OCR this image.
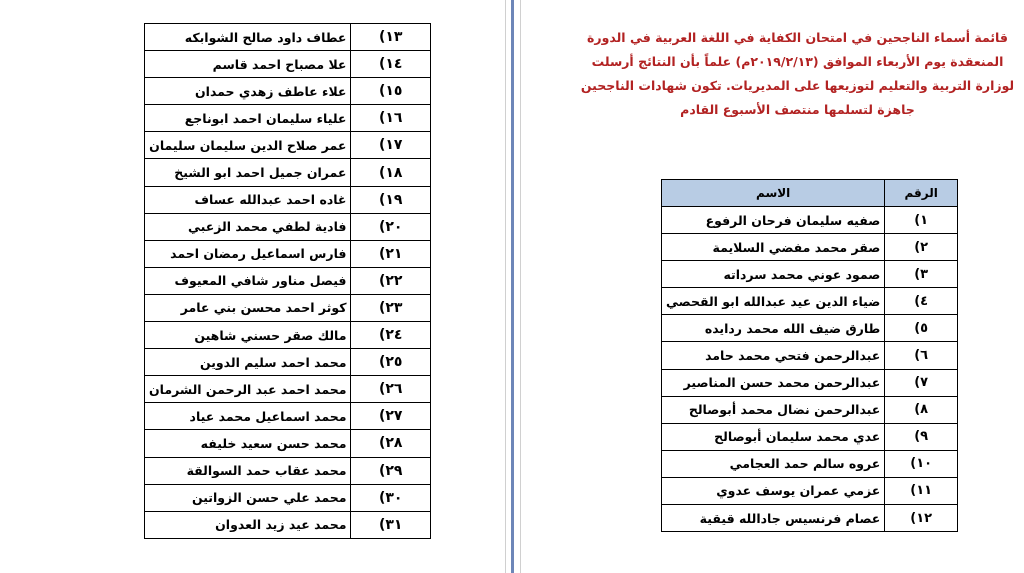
١٣)	عطاف داود صالح الشوابكه
١٤)	علا مصباح احمد قاسم
١٥)	علاء عاطف زهدي حمدان
١٦)	علياء سليمان احمد ابوناجع
١٧)	عمر صلاح الدين سليمان سليمان
١٨)	عمران جميل احمد ابو الشيخ
١٩)	غاده احمد عبدالله عساف
٢٠)	فادية لطفي محمد الزعبي
٢١)	فارس اسماعيل رمضان احمد
٢٢)	فيصل مناور شافي المعيوف
٢٣)	كوثر احمد محسن بني عامر
٢٤)	مالك صقر حسني شاهين
٢٥)	محمد احمد سليم الدوين
٢٦)	محمد احمد عبد الرحمن الشرمان
٢٧)	محمد اسماعيل محمد عياد
٢٨)	محمد حسن سعيد خليفه
٢٩)	محمد عقاب حمد السوالقة
٣٠)	محمد علي حسن الزواتين
٣١)	محمد عيد زيد العدوان
قائمة أسماء الناجحين في امتحان الكفاية في اللغة العربية في الدورة
المنعقدة يوم الأربعاء الموافق (٢٠١٩/٢/١٣م) علماً بأن النتائج أرسلت
لوزارة التربية والتعليم لتوزيعها على المديريات. تكون شهادات الناجحين
جاهزة لتسلمها منتصف الأسبوع القادم
الرقم	الاسم
١)	صفيه سليمان فرحان الرفوع
٢)	صقر محمد مفضي السلايمة
٣)	صمود عوني محمد سرداته
٤)	ضياء الدين عيد عبدالله ابو القحصي
٥)	طارق ضيف الله محمد ردايده
٦)	عبدالرحمن فتحي محمد حامد
٧)	عبدالرحمن محمد حسن المناصير
٨)	عبدالرحمن نضال محمد أبوصالح
٩)	عدي محمد سليمان أبوصالح
١٠)	عروه سالم حمد العجامي
١١)	عزمي عمران يوسف عدوي
١٢)	عصام فرنسيس جادالله قيقية
